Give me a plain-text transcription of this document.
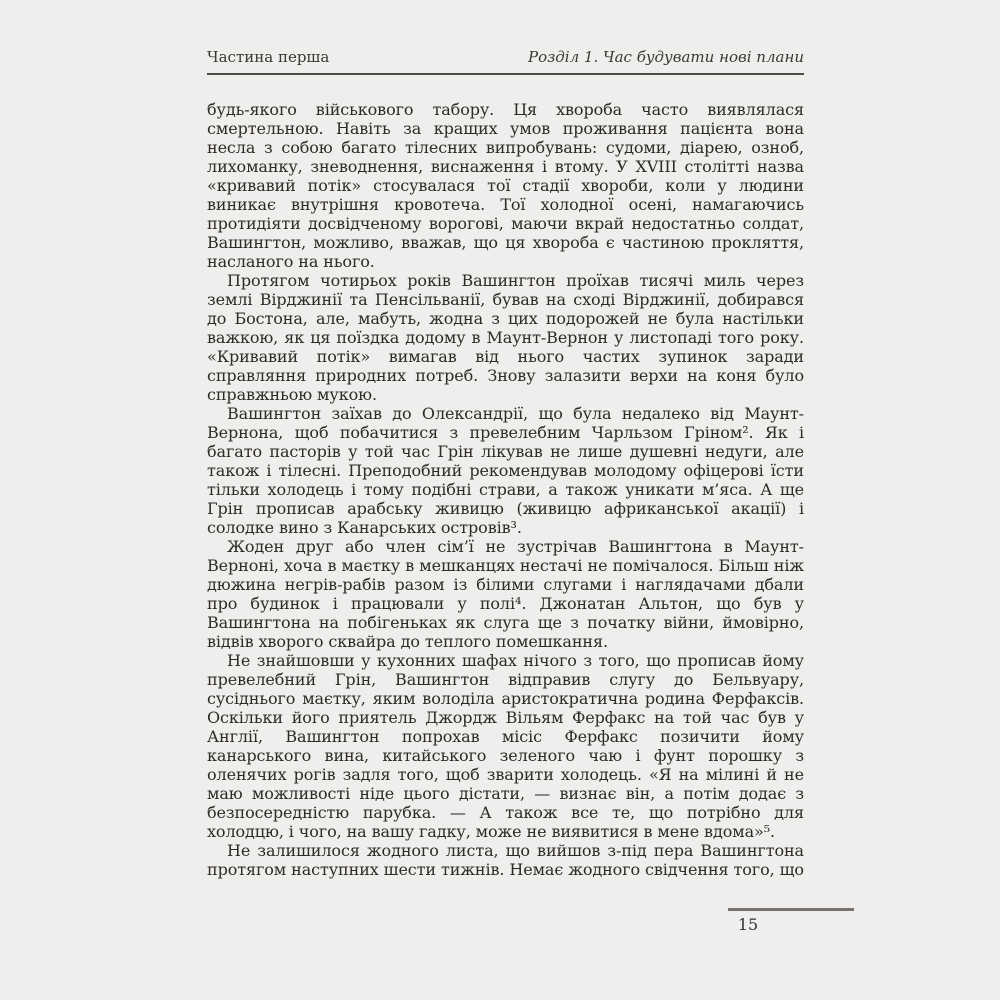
Частина перша	Розділ 1. Час будувати нові плани

будь-якого військового табору. Ця хвороба часто виявлялася смертельною. Навіть за кращих умов проживання пацієнта вона несла з собою багато тілесних випробувань: судоми, діарею, озноб, лихоманку, зневоднення, виснаження і втому. У XVIII столітті назва «кривавий потік» стосувалася тої стадії хвороби, коли у людини виникає внутрішня кровотеча. Тої холодної осені, намагаючись протидіяти досвідченому ворогові, маючи вкрай недостатньо солдат, Вашингтон, можливо, вважав, що ця хвороба є частиною прокляття, насланого на нього.

Протягом чотирьох років Вашингтон проїхав тисячі миль через землі Вірджинії та Пенсільванії, бував на сході Вірджинії, добирався до Бостона, але, мабуть, жодна з цих подорожей не була настільки важкою, як ця поїздка додому в Маунт-Вернон у листопаді того року. «Кривавий потік» вимагав від нього частих зупинок заради справляння природних потреб. Знову залазити верхи на коня було справжньою мукою.

Вашингтон заїхав до Олександрії, що була недалеко від Маунт-Вернона, щоб побачитися з превелебним Чарльзом Гріном². Як і багато пасторів у той час Грін лікував не лише душевні недуги, але також і тілесні. Преподобний рекомендував молодому офіцерові їсти тільки холодець і тому подібні страви, а також уникати м’яса. А ще Грін прописав арабську живицю (живицю африканської акації) і солодке вино з Канарських островів³.

Жоден друг або член сім’ї не зустрічав Вашингтона в Маунт-Верноні, хоча в маєтку в мешканцях нестачі не помічалося. Більш ніж дюжина негрів-рабів разом із білими слугами і наглядачами дбали про будинок і працювали у полі⁴. Джонатан Альтон, що був у Вашингтона на побігеньках як слуга ще з початку війни, ймовірно, відвів хворого сквайра до теплого помешкання.

Не знайшовши у кухонних шафах нічого з того, що прописав йому превелебний Грін, Вашингтон відправив слугу до Бельвуару, сусіднього маєтку, яким володіла аристократична родина Ферфаксів. Оскільки його приятель Джордж Вільям Ферфакс на той час був у Англії, Вашингтон попрохав місіс Ферфакс позичити йому канарського вина, китайського зеленого чаю і фунт порошку з оленячих рогів задля того, щоб зварити холодець. «Я на мілині й не маю можливості ніде цього дістати, — визнає він, а потім додає з безпосередністю парубка. — А також все те, що потрібно для холодцю, і чого, на вашу гадку, може не виявитися в мене вдома»⁵.

Не залишилося жодного листа, що вийшов з-під пера Вашингтона протягом наступних шести тижнів. Немає жодного свідчення того, що

15
